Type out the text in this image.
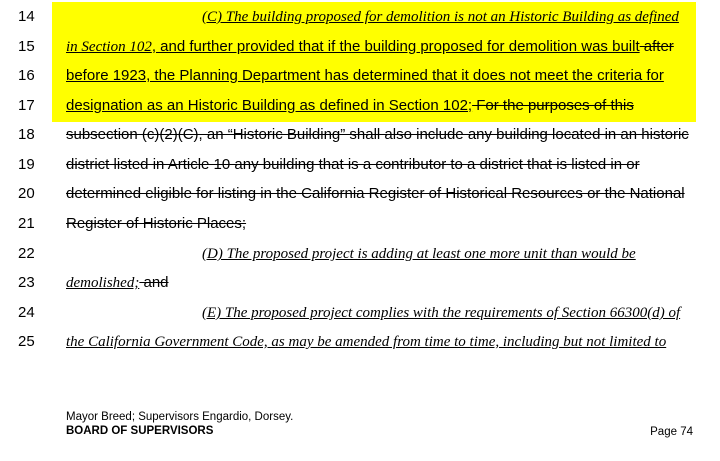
14
15
16
17
18
19
20
21
22
23
24
25
(C) The building proposed for demolition is not an Historic Building as defined
in Section 102, and further provided that if the building proposed for demolition was built after
before 1923, the Planning Department has determined that it does not meet the criteria for
designation as an Historic Building as defined in Section 102; For the purposes of this
subsection (c)(2)(C), an “Historic Building” shall also include any building located in an historic
district listed in Article 10 any building that is a contributor to a district that is listed in or
determined eligible for listing in the California Register of Historical Resources or the National
Register of Historic Places;
(D) The proposed project is adding at least one more unit than would be
demolished; and
(E) The proposed project complies with the requirements of Section 66300(d) of
the California Government Code, as may be amended from time to time, including but not limited to
Mayor Breed; Supervisors Engardio, Dorsey.
BOARD OF SUPERVISORS	Page 74
